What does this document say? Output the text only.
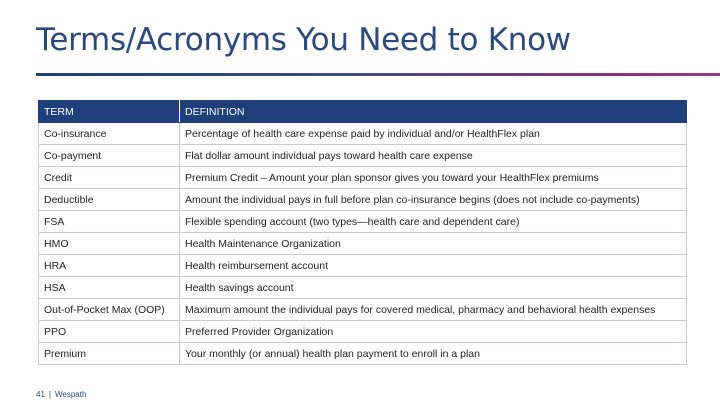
Terms/Acronyms You Need to Know
TERM	DEFINITION
Co-insurance	Percentage of health care expense paid by individual and/or HealthFlex plan
Co-payment	Flat dollar amount individual pays toward health care expense
Credit	Premium Credit – Amount your plan sponsor gives you toward your HealthFlex premiums
Deductible	Amount the individual pays in full before plan co-insurance begins (does not include co-payments)
FSA	Flexible spending account (two types—health care and dependent care)
HMO	Health Maintenance Organization
HRA	Health reimbursement account
HSA	Health savings account
Out-of-Pocket Max (OOP)	Maximum amount the individual pays for covered medical, pharmacy and behavioral health expenses
PPO	Preferred Provider Organization
Premium	Your monthly (or annual) health plan payment to enroll in a plan
41 | Wespath
